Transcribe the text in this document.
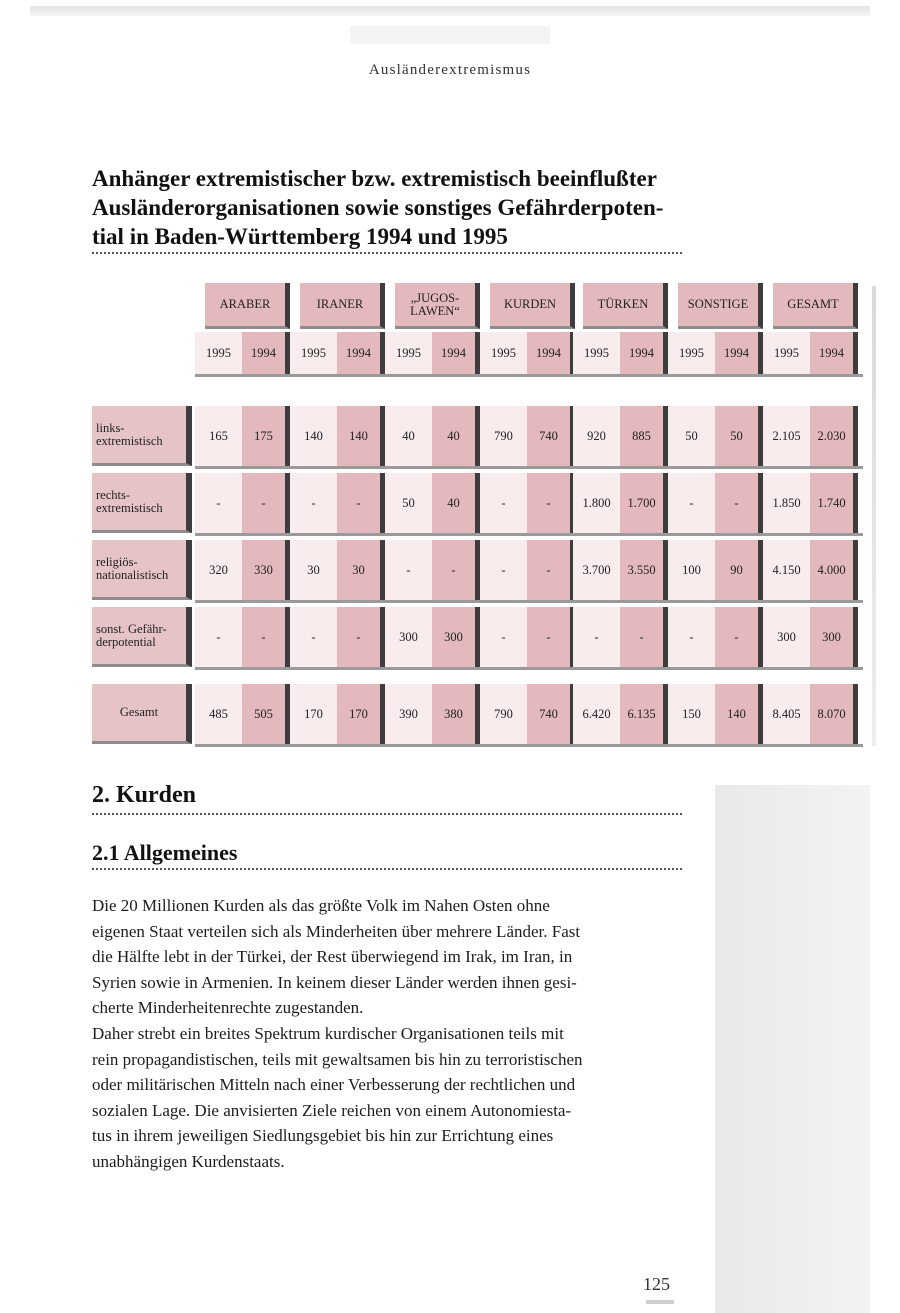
Ausländerextremismus
Anhänger extremistischer bzw. extremistisch beeinflußter
Ausländerorganisationen sowie sonstiges Gefährderpoten-
tial in Baden-Württemberg 1994 und 1995
ARABER	IRANER	„JUGOS-LAWEN“	KURDEN	TÜRKEN	SONSTIGE	GESAMT
1995	1994	1995	1994	1995	1994	1995	1994	1995	1994	1995	1994	1995	1994
links-
extremistisch	165	175	140	140	40	40	790	740	920	885	50	50	2.105	2.030
rechts-
extremistisch	-	-	-	-	50	40	-	-	1.800	1.700	-	-	1.850	1.740
religiös-
nationalistisch	320	330	30	30	-	-	-	-	3.700	3.550	100	90	4.150	4.000
sonst. Gefähr-
derpotential	-	-	-	-	300	300	-	-	-	-	-	-	300	300
Gesamt	485	505	170	170	390	380	790	740	6.420	6.135	150	140	8.405	8.070
2. Kurden
2.1 Allgemeines

Die 20 Millionen Kurden als das größte Volk im Nahen Osten ohne
eigenen Staat verteilen sich als Minderheiten über mehrere Länder. Fast
die Hälfte lebt in der Türkei, der Rest überwiegend im Irak, im Iran, in
Syrien sowie in Armenien. In keinem dieser Länder werden ihnen gesi-
cherte Minderheitenrechte zugestanden.

Daher strebt ein breites Spektrum kurdischer Organisationen teils mit
rein propagandistischen, teils mit gewaltsamen bis hin zu terroristischen
oder militärischen Mitteln nach einer Verbesserung der rechtlichen und
sozialen Lage. Die anvisierten Ziele reichen von einem Autonomiesta-
tus in ihrem jeweiligen Siedlungsgebiet bis hin zur Errichtung eines
unabhängigen Kurdenstaats.

125
